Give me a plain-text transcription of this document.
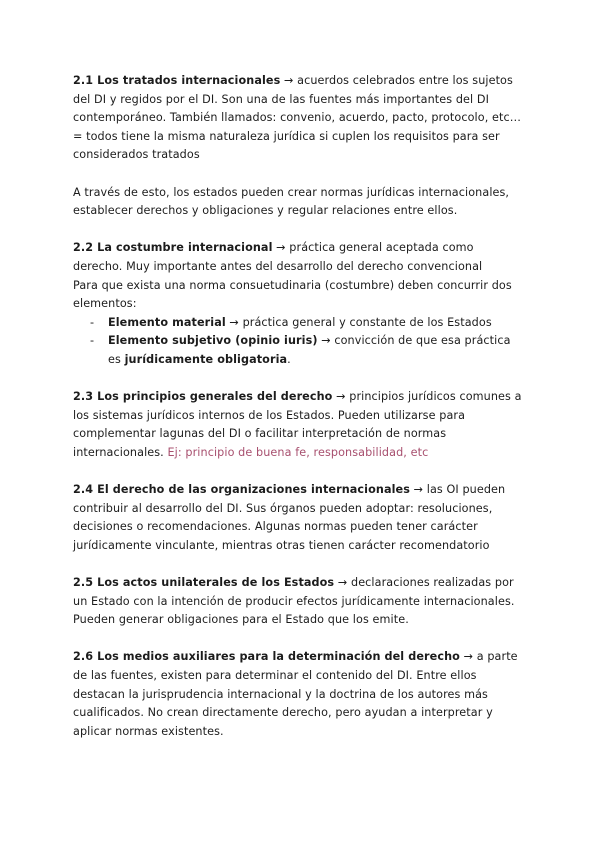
2.1 Los tratados internacionales → acuerdos celebrados entre los sujetos del DI y regidos por el DI. Son una de las fuentes más importantes del DI contemporáneo. También llamados: convenio, acuerdo, pacto, protocolo, etc… = todos tiene la misma naturaleza jurídica si cuplen los requisitos para ser considerados tratados

A través de esto, los estados pueden crear normas jurídicas internacionales, establecer derechos y obligaciones y regular relaciones entre ellos.

2.2 La costumbre internacional → práctica general aceptada como derecho. Muy importante antes del desarrollo del derecho convencional

Para que exista una norma consuetudinaria (costumbre) deben concurrir dos elementos:

- Elemento material → práctica general y constante de los Estados
- Elemento subjetivo (opinio iuris) → convicción de que esa práctica es jurídicamente obligatoria.

2.3 Los principios generales del derecho → principios jurídicos comunes a los sistemas jurídicos internos de los Estados. Pueden utilizarse para complementar lagunas del DI o facilitar interpretación de normas internacionales. Ej: principio de buena fe, responsabilidad, etc

2.4 El derecho de las organizaciones internacionales → las OI pueden contribuir al desarrollo del DI. Sus órganos pueden adoptar: resoluciones, decisiones o recomendaciones. Algunas normas pueden tener carácter jurídicamente vinculante, mientras otras tienen carácter recomendatorio

2.5 Los actos unilaterales de los Estados → declaraciones realizadas por un Estado con la intención de producir efectos jurídicamente internacionales. Pueden generar obligaciones para el Estado que los emite.

2.6 Los medios auxiliares para la determinación del derecho → a parte de las fuentes, existen para determinar el contenido del DI. Entre ellos destacan la jurisprudencia internacional y la doctrina de los autores más cualificados. No crean directamente derecho, pero ayudan a interpretar y aplicar normas existentes.
